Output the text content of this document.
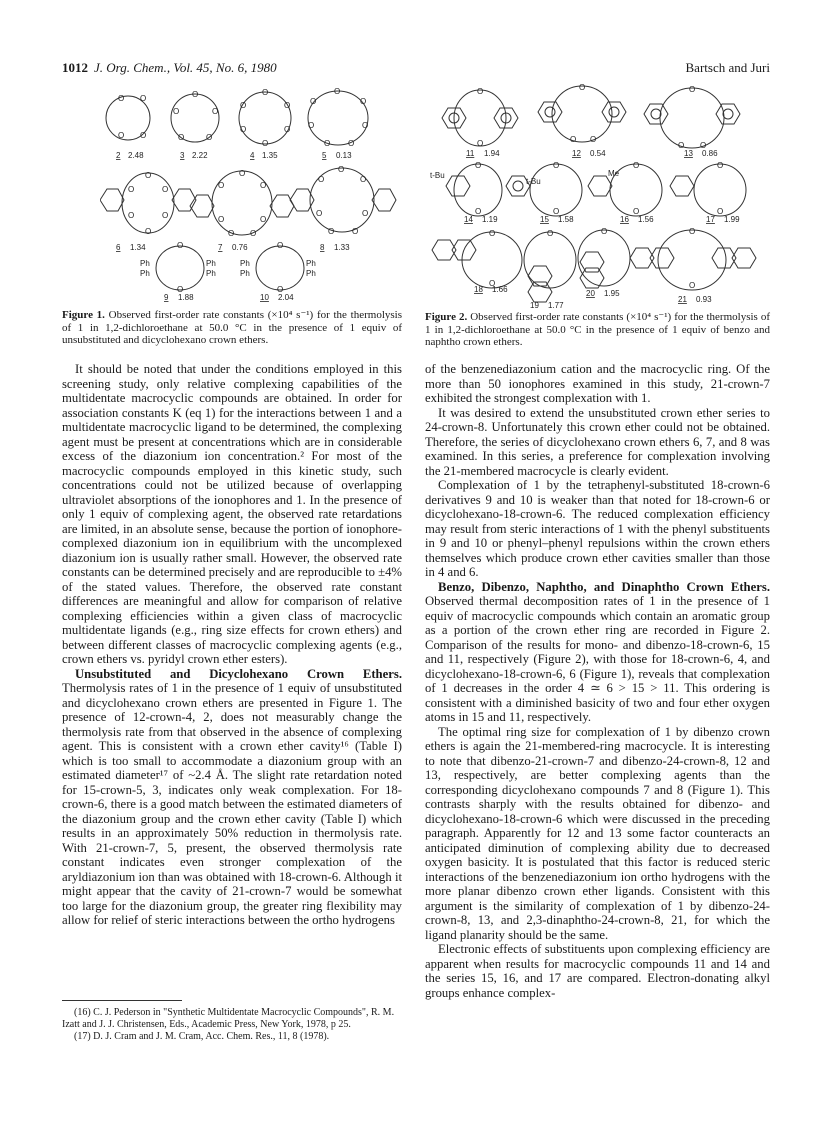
1012 J. Org. Chem., Vol. 45, No. 6, 1980	Bartsch and Juri
O O
O O
2 2.48
O
O	O
O	O
3 2.22
O
O	O
O	O
O
4 1.35
O
O	O
O	O
O O
5 0.13
O
O	O
O	O
O
6 1.34
O
O	O
O	O
O O
7 0.76
O
O	O
O	O
O O
8 1.33
Ph
Ph
Ph
Ph
O
O
9 1.88
Ph
Ph
Ph
Ph
O
O
10 2.04
Figure 1. Observed first-order rate constants (×10⁴ s⁻¹) for the thermolysis of 1 in 1,2-dichloroethane at 50.0 °C in the presence of 1 equiv of unsubstituted and dicyclohexano crown ethers.
O
O
11 1.94
O
O O
12 0.54
O
O O
13 0.86
t-Bu
O
O
14 1.19
t-Bu
O
O
15 1.58
Me
O
O
16 1.56
O
O
17 1.99
O
O
18 1.66
O
19 1.77
O
20 1.95
O
O
21 0.93
Figure 2. Observed first-order rate constants (×10⁴ s⁻¹) for the thermolysis of 1 in 1,2-dichloroethane at 50.0 °C in the presence of 1 equiv of benzo and naphtho crown ethers.

It should be noted that under the conditions employed in this screening study, only relative complexing capabilities of the multidentate macrocyclic compounds are obtained. In order for association constants K (eq 1) for the interactions between 1 and a multidentate macrocyclic ligand to be determined, the complexing agent must be present at concentrations which are in considerable excess of the diazonium ion concentration.² For most of the macrocyclic compounds employed in this kinetic study, such concentrations could not be utilized because of overlapping ultraviolet absorptions of the ionophores and 1. In the presence of only 1 equiv of complexing agent, the observed rate retardations are limited, in an absolute sense, because the portion of ionophore-complexed diazonium ion in equilibrium with the uncomplexed diazonium ion is usually rather small. However, the observed rate constants can be determined precisely and are reproducible to ±4% of the stated values. Therefore, the observed rate constant differences are meaningful and allow for comparison of relative complexing efficiencies within a given class of macrocyclic multidentate ligands (e.g., ring size effects for crown ethers) and between different classes of macrocyclic complexing agents (e.g., crown ethers vs. pyridyl crown ether esters).

Unsubstituted and Dicyclohexano Crown Ethers. Thermolysis rates of 1 in the presence of 1 equiv of unsubstituted and dicyclohexano crown ethers are presented in Figure 1. The presence of 12-crown-4, 2, does not measurably change the thermolysis rate from that observed in the absence of complexing agent. This is consistent with a crown ether cavity¹⁶ (Table I) which is too small to accommodate a diazonium group with an estimated diameter¹⁷ of ~2.4 Å. The slight rate retardation noted for 15-crown-5, 3, indicates only weak complexation. For 18-crown-6, there is a good match between the estimated diameters of the diazonium group and the crown ether cavity (Table I) which results in an approximately 50% reduction in thermolysis rate. With 21-crown-7, 5, present, the observed thermolysis rate constant indicates even stronger complexation of the aryldiazonium ion than was obtained with 18-crown-6. Although it might appear that the cavity of 21-crown-7 would be somewhat too large for the diazonium group, the greater ring flexibility may allow for relief of steric interactions between the ortho hydrogens

(16) C. J. Pederson in "Synthetic Multidentate Macrocyclic Compounds", R. M. Izatt and J. J. Christensen, Eds., Academic Press, New York, 1978, p 25.

(17) D. J. Cram and J. M. Cram, Acc. Chem. Res., 11, 8 (1978).

of the benzenediazonium cation and the macrocyclic ring. Of the more than 50 ionophores examined in this study, 21-crown-7 exhibited the strongest complexation with 1.

It was desired to extend the unsubstituted crown ether series to 24-crown-8. Unfortunately this crown ether could not be obtained. Therefore, the series of dicyclohexano crown ethers 6, 7, and 8 was examined. In this series, a preference for complexation involving the 21-membered macrocycle is clearly evident.

Complexation of 1 by the tetraphenyl-substituted 18-crown-6 derivatives 9 and 10 is weaker than that noted for 18-crown-6 or dicyclohexano-18-crown-6. The reduced complexation efficiency may result from steric interactions of 1 with the phenyl substituents in 9 and 10 or phenyl–phenyl repulsions within the crown ethers themselves which produce crown ether cavities smaller than those in 4 and 6.

Benzo, Dibenzo, Naphtho, and Dinaphtho Crown Ethers. Observed thermal decomposition rates of 1 in the presence of 1 equiv of macrocyclic compounds which contain an aromatic group as a portion of the crown ether ring are recorded in Figure 2. Comparison of the results for mono- and dibenzo-18-crown-6, 15 and 11, respectively (Figure 2), with those for 18-crown-6, 4, and dicyclohexano-18-crown-6, 6 (Figure 1), reveals that complexation of 1 decreases in the order 4 ≃ 6 > 15 > 11. This ordering is consistent with a diminished basicity of two and four ether oxygen atoms in 15 and 11, respectively.

The optimal ring size for complexation of 1 by dibenzo crown ethers is again the 21-membered-ring macrocycle. It is interesting to note that dibenzo-21-crown-7 and dibenzo-24-crown-8, 12 and 13, respectively, are better complexing agents than the corresponding dicyclohexano compounds 7 and 8 (Figure 1). This contrasts sharply with the results obtained for dibenzo- and dicyclohexano-18-crown-6 which were discussed in the preceding paragraph. Apparently for 12 and 13 some factor counteracts an anticipated diminution of complexing ability due to decreased oxygen basicity. It is postulated that this factor is reduced steric interactions of the benzenediazonium ion ortho hydrogens with the more planar dibenzo crown ether ligands. Consistent with this argument is the similarity of complexation of 1 by dibenzo-24-crown-8, 13, and 2,3-dinaphtho-24-crown-8, 21, for which the ligand planarity should be the same.

Electronic effects of substituents upon complexing efficiency are apparent when results for macrocyclic compounds 11 and 14 and the series 15, 16, and 17 are compared. Electron-donating alkyl groups enhance complex-
